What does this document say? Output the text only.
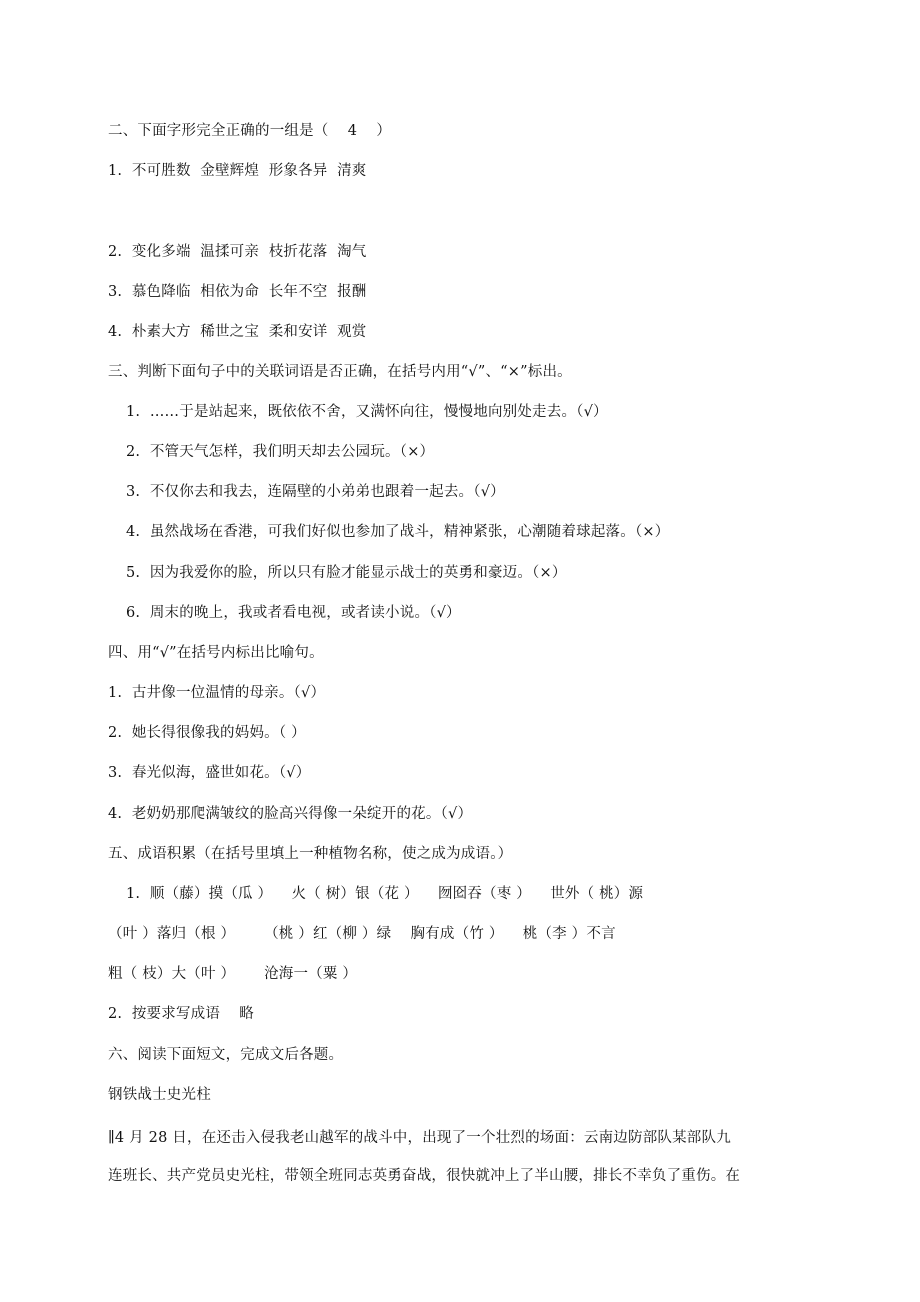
二、下面字形完全正确的一组是（    4    ）
1.  不可胜数  金壁辉煌  形象各异  清爽
2.  变化多端  温揉可亲  枝折花落  淘气
3.  慕色降临  相依为命  长年不空  报酬
4.  朴素大方  稀世之宝  柔和安详  观赏
三、判断下面句子中的关联词语是否正确，在括号内用“√”、“×”标出。
1.  ……于是站起来，既依依不舍，又满怀向往，慢慢地向别处走去。（√）
2.  不管天气怎样，我们明天却去公园玩。（×）
3.  不仅你去和我去，连隔壁的小弟弟也跟着一起去。（√）
4.  虽然战场在香港，可我们好似也参加了战斗，精神紧张，心潮随着球起落。（×）
5.  因为我爱你的脸，所以只有脸才能显示战士的英勇和豪迈。（×）
6.  周末的晚上，我或者看电视，或者读小说。（√）
四、用“√”在括号内标出比喻句。
1.  古井像一位温情的母亲。（√）
2.  她长得很像我的妈妈。（ ）
3.  春光似海，盛世如花。（√）
4.  老奶奶那爬满皱纹的脸高兴得像一朵绽开的花。（√）
五、成语积累（在括号里填上一种植物名称，使之成为成语。）
1.  顺（藤）摸（瓜 ）    火（ 树）银（花 ）    囫囵吞（枣 ）    世外（ 桃）源
（叶 ）落归（根 ）      （桃 ）红（柳 ）绿    胸有成（竹 ）    桃（李 ）不言
粗（ 枝）大（叶 ）      沧海一（粟 ）
2.  按要求写成语    略
六、阅读下面短文，完成文后各题。
钢铁战士史光柱
∥4 月 28 日，在还击入侵我老山越军的战斗中，出现了一个壮烈的场面：云南边防部队某部队九
连班长、共产党员史光柱，带领全班同志英勇奋战，很快就冲上了半山腰，排长不幸负了重伤。在
